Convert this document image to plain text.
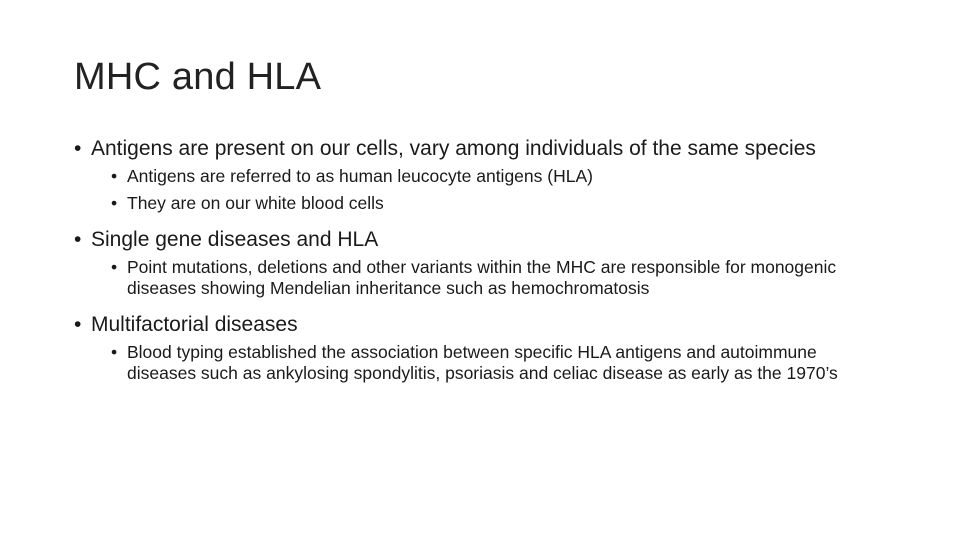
MHC and HLA

• Antigens are present on our cells, vary among individuals of the same species

• Antigens are referred to as human leucocyte antigens (HLA)

• They are on our white blood cells

• Single gene diseases and HLA

• Point mutations, deletions and other variants within the MHC are responsible for monogenic diseases showing Mendelian inheritance such as hemochromatosis

• Multifactorial diseases

• Blood typing established the association between specific HLA antigens and autoimmune diseases such as ankylosing spondylitis, psoriasis and celiac disease as early as the 1970’s
